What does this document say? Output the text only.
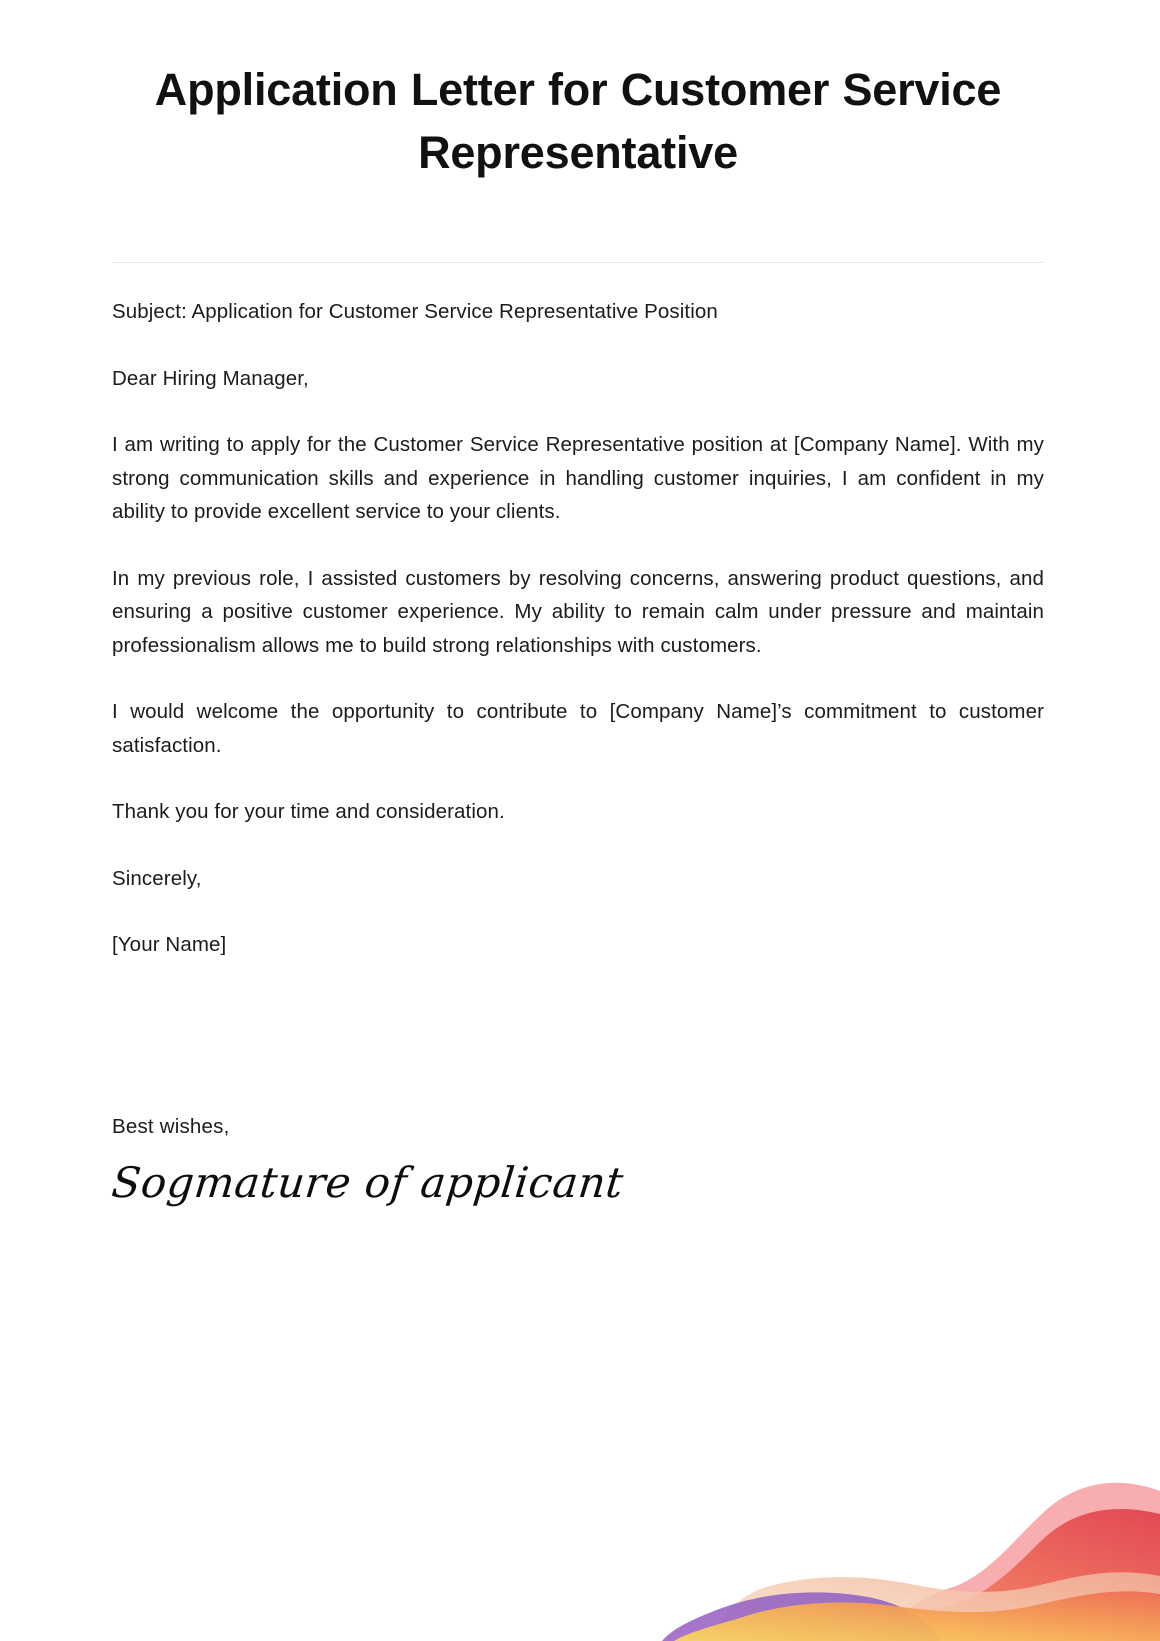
Application Letter for Customer Service Representative

Subject: Application for Customer Service Representative Position

Dear Hiring Manager,

I am writing to apply for the Customer Service Representative position at [Company Name]. With my strong communication skills and experience in handling customer inquiries, I am confident in my ability to provide excellent service to your clients.

In my previous role, I assisted customers by resolving concerns, answering product questions, and ensuring a positive customer experience. My ability to remain calm under pressure and maintain professionalism allows me to build strong relationships with customers.

I would welcome the opportunity to contribute to [Company Name]’s commitment to customer satisfaction.

Thank you for your time and consideration.

Sincerely,

[Your Name]

Best wishes,

Sogmature of applicant
